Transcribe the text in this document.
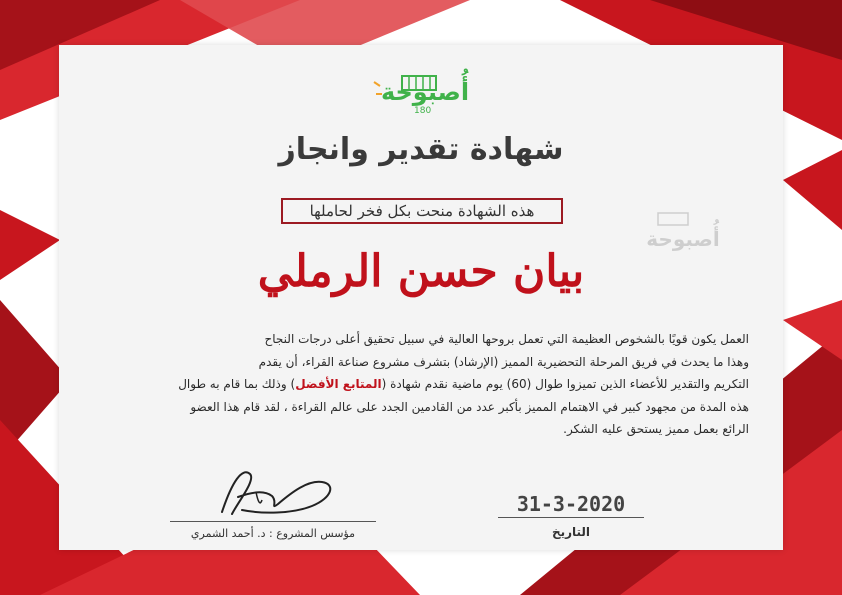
أُصبوحة
180
أُصبوحة
شهادة تقدير وانجاز
هذه الشهادة منحت بكل فخر لحاملها
بيان حسن الرملي
العمل يكون قويًا بالشخوص العظيمة التي تعمل بروحها العالية في سبيل تحقيق أعلى درجات النجاح
وهذا ما يحدث في فريق المرحلة التحضيرية المميز (الإرشاد) بتشرف مشروع صناعة القراء، أن يقدم
التكريم والتقدير للأعضاء الذين تميزوا طوال (60) يوم ماضية نقدم شهادة (المتابع الأفضل) وذلك بما قام به طوال
هذه المدة من مجهود كبير في الاهتمام المميز بأكبر عدد من القادمين الجدد على عالم القراءة ، لقد قام هذا العضو
الرائع بعمل مميز يستحق عليه الشكر.
مؤسس المشروع : د. أحمد الشمري
31-3-2020
التاريخ
